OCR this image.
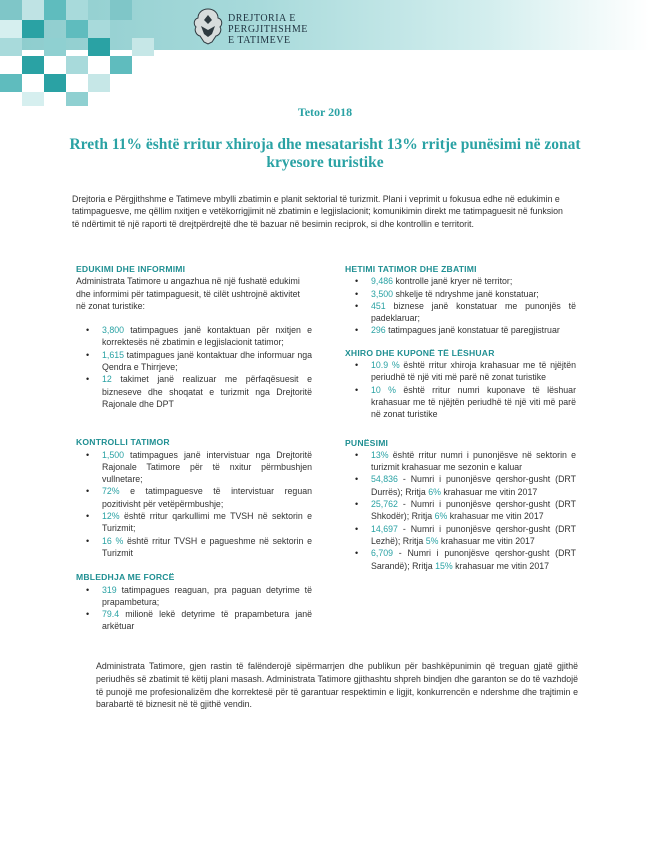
DREJTORIA E
PERGJITHSHME
E TATIMEVE
Tetor 2018
Rreth 11% është rritur xhiroja dhe mesatarisht 13% rritje punësimi në zonat
kryesore turistike
Drejtoria e Përgjithshme e Tatimeve mbylli zbatimin e planit sektorial të turizmit. Plani i veprimit u fokusua edhe në edukimin e tatimpaguesve, me qëllim nxitjen e vetëkorrigjimit në zbatimin e legjislacionit; komunikimin direkt me tatimpaguesit në funksion të ndërtimit të një raporti të drejtpërdrejtë dhe të bazuar në besimin reciprok, si dhe kontrollin e territorit.
EDUKIMI DHE INFORMIMI
Administrata Tatimore u angazhua në një fushatë edukimi dhe informimi për tatimpaguesit, të cilët ushtrojnë aktivitet në zonat turistike:
• 3,800 tatimpagues janë kontaktuan për nxitjen e korrektesës në zbatimin e legjislacionit tatimor;
• 1,615 tatimpagues janë kontaktuar dhe informuar nga Qendra e Thirrjeve;
• 12 takimet janë realizuar me përfaqësuesit e bizneseve dhe shoqatat e turizmit nga Drejtoritë Rajonale dhe DPT
KONTROLLI TATIMOR
• 1,500 tatimpagues janë intervistuar nga Drejtoritë Rajonale Tatimore për të nxitur përmbushjen vullnetare;
• 72% e tatimpaguesve të intervistuar reguan pozitivisht për vetëpërmbushje;
• 12% është rritur qarkullimi me TVSH në sektorin e Turizmit;
• 16 % është rritur TVSH e pagueshme në sektorin e Turizmit
MBLEDHJA ME FORCË
• 319 tatimpagues reaguan, pra paguan detyrime të prapambetura;
• 79.4 milionë lekë detyrime të prapambetura janë arkëtuar
HETIMI TATIMOR DHE ZBATIMI
• 9,486 kontrolle janë kryer në territor;
• 3,500 shkelje të ndryshme janë konstatuar;
• 451 biznese janë konstatuar me punonjës të padeklaruar;
• 296 tatimpagues janë konstatuar të paregjistruar
XHIRO DHE KUPONË TË LËSHUAR
• 10.9 % është rritur xhiroja krahasuar me të njëjtën periudhë të një viti më parë në zonat turistike
• 10 % është rritur numri kuponave të lëshuar krahasuar me të njëjtën periudhë të një viti më parë në zonat turistike
PUNËSIMI
• 13% është rritur numri i punonjësve në sektorin e turizmit krahasuar me sezonin e kaluar
• 54,836 - Numri i punonjësve qershor-gusht (DRT Durrës); Rritja 6% krahasuar me vitin 2017
• 25,762 - Numri i punonjësve qershor-gusht (DRT Shkodër); Rritja 6% krahasuar me vitin 2017
• 14,697 - Numri i punonjësve qershor-gusht (DRT Lezhë); Rritja 5% krahasuar me vitin 2017
• 6,709 - Numri i punonjësve qershor-gusht (DRT Sarandë); Rritja 15% krahasuar me vitin 2017
Administrata Tatimore, gjen rastin të falënderojë sipërmarrjen dhe publikun për bashkëpunimin që treguan gjatë gjithë periudhës së zbatimit të këtij plani masash. Administrata Tatimore gjithashtu shpreh bindjen dhe garanton se do të vazhdojë të punojë me profesionalizëm dhe korrektesë për të garantuar respektimin e ligjit, konkurrencën e ndershme dhe trajtimin e barabartë të biznesit në të gjithë vendin.
